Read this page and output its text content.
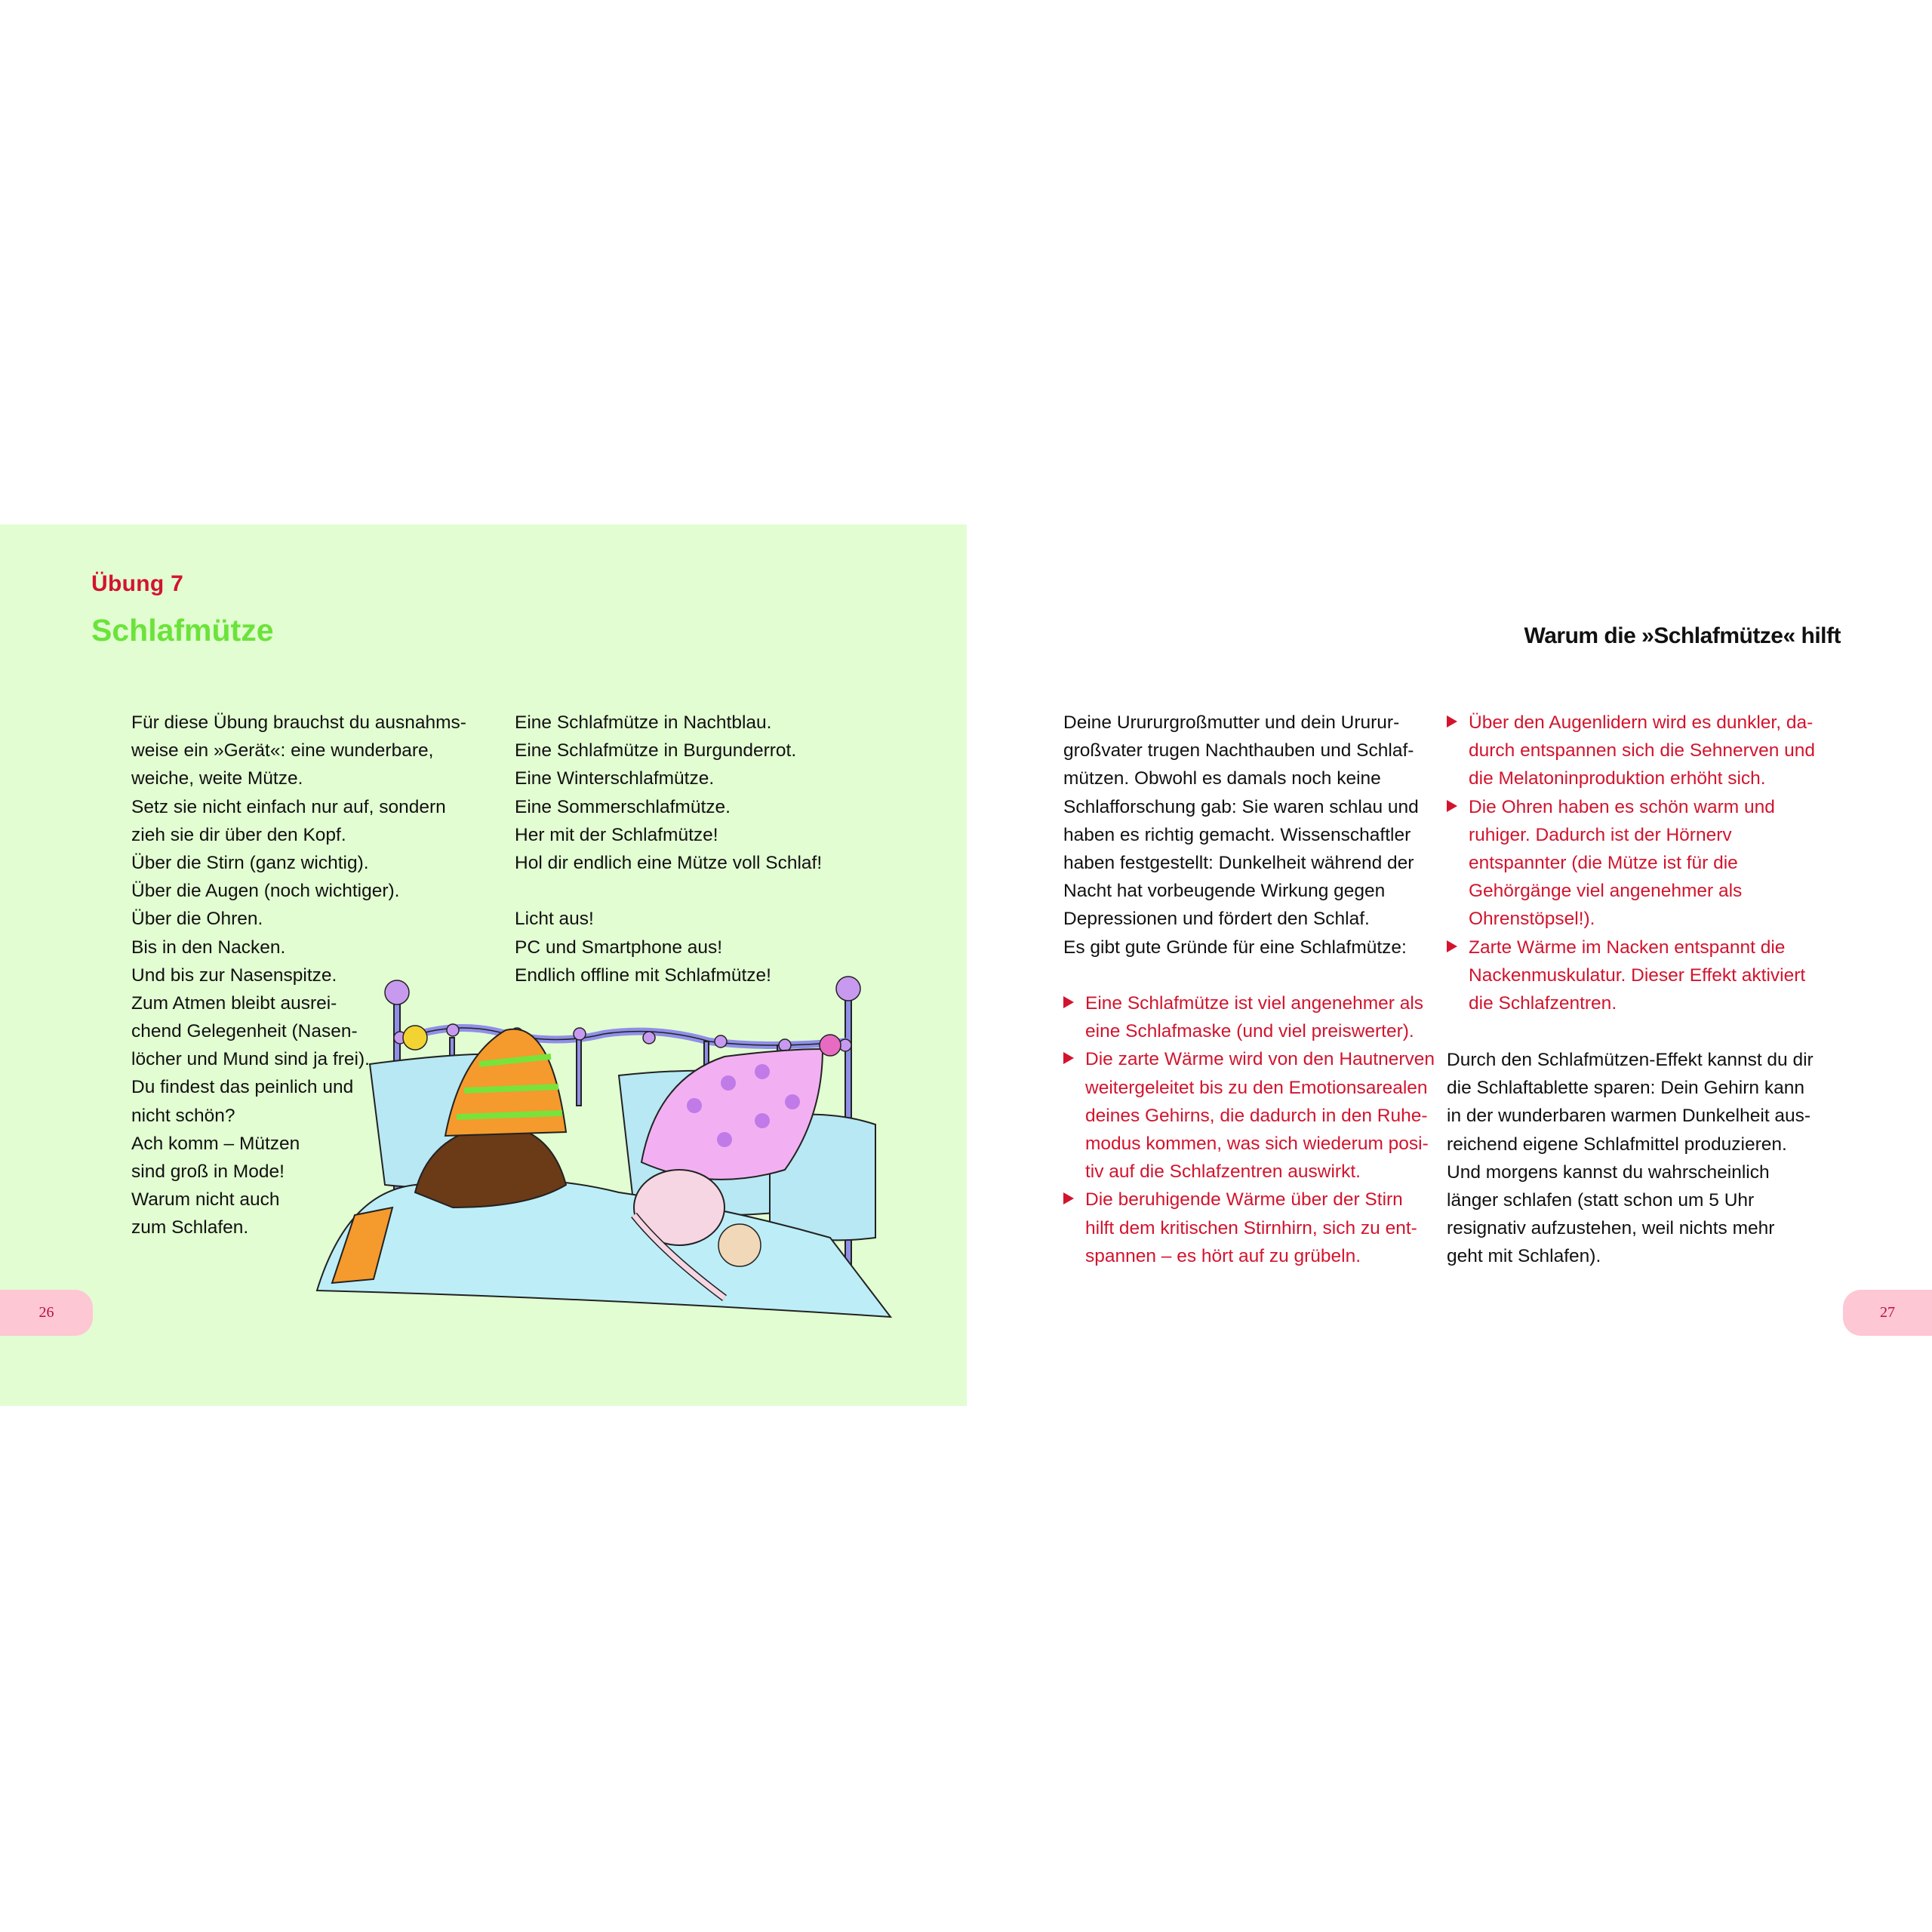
Übung 7
Schlafmütze
Für diese Übung brauchst du ausnahms-
weise ein »Gerät«: eine wunderbare,
weiche, weite Mütze.
Setz sie nicht einfach nur auf, sondern
zieh sie dir über den Kopf.
Über die Stirn (ganz wichtig).
Über die Augen (noch wichtiger).
Über die Ohren.
Bis in den Nacken.
Und bis zur Nasenspitze.
Zum Atmen bleibt ausrei-
chend Gelegenheit (Nasen-
löcher und Mund sind ja frei).
Du findest das peinlich und
nicht schön?
Ach komm – Mützen
sind groß in Mode!
Warum nicht auch
zum Schlafen.
Eine Schlafmütze in Nachtblau.
Eine Schlafmütze in Burgunderrot.
Eine Winterschlafmütze.
Eine Sommerschlafmütze.
Her mit der Schlafmütze!
Hol dir endlich eine Mütze voll Schlaf!
Licht aus!
PC und Smartphone aus!
Endlich offline mit Schlafmütze!
26
Warum die »Schlafmütze« hilft
Deine Urururgroßmutter und dein Ururur-
großvater trugen Nachthauben und Schlaf-
mützen. Obwohl es damals noch keine
Schlafforschung gab: Sie waren schlau und
haben es richtig gemacht. Wissenschaftler
haben festgestellt: Dunkelheit während der
Nacht hat vorbeugende Wirkung gegen
Depressionen und fördert den Schlaf.
Es gibt gute Gründe für eine Schlafmütze:
Eine Schlafmütze ist viel angenehmer als
eine Schlafmaske (und viel preiswerter).
Die zarte Wärme wird von den Hautnerven
weitergeleitet bis zu den Emotionsarealen
deines Gehirns, die dadurch in den Ruhe-
modus kommen, was sich wiederum posi-
tiv auf die Schlafzentren auswirkt.
Die beruhigende Wärme über der Stirn
hilft dem kritischen Stirnhirn, sich zu ent-
spannen – es hört auf zu grübeln.
Über den Augenlidern wird es dunkler, da-
durch entspannen sich die Sehnerven und
die Melatoninproduktion erhöht sich.
Die Ohren haben es schön warm und
ruhiger. Dadurch ist der Hörnerv
entspannter (die Mütze ist für die
Gehörgänge viel angenehmer als
Ohrenstöpsel!).
Zarte Wärme im Nacken entspannt die
Nackenmuskulatur. Dieser Effekt aktiviert
die Schlafzentren.
Durch den Schlafmützen-Effekt kannst du dir
die Schlaftablette sparen: Dein Gehirn kann
in der wunderbaren warmen Dunkelheit aus-
reichend eigene Schlafmittel produzieren.
Und morgens kannst du wahrscheinlich
länger schlafen (statt schon um 5 Uhr
resignativ aufzustehen, weil nichts mehr
geht mit Schlafen).
27
